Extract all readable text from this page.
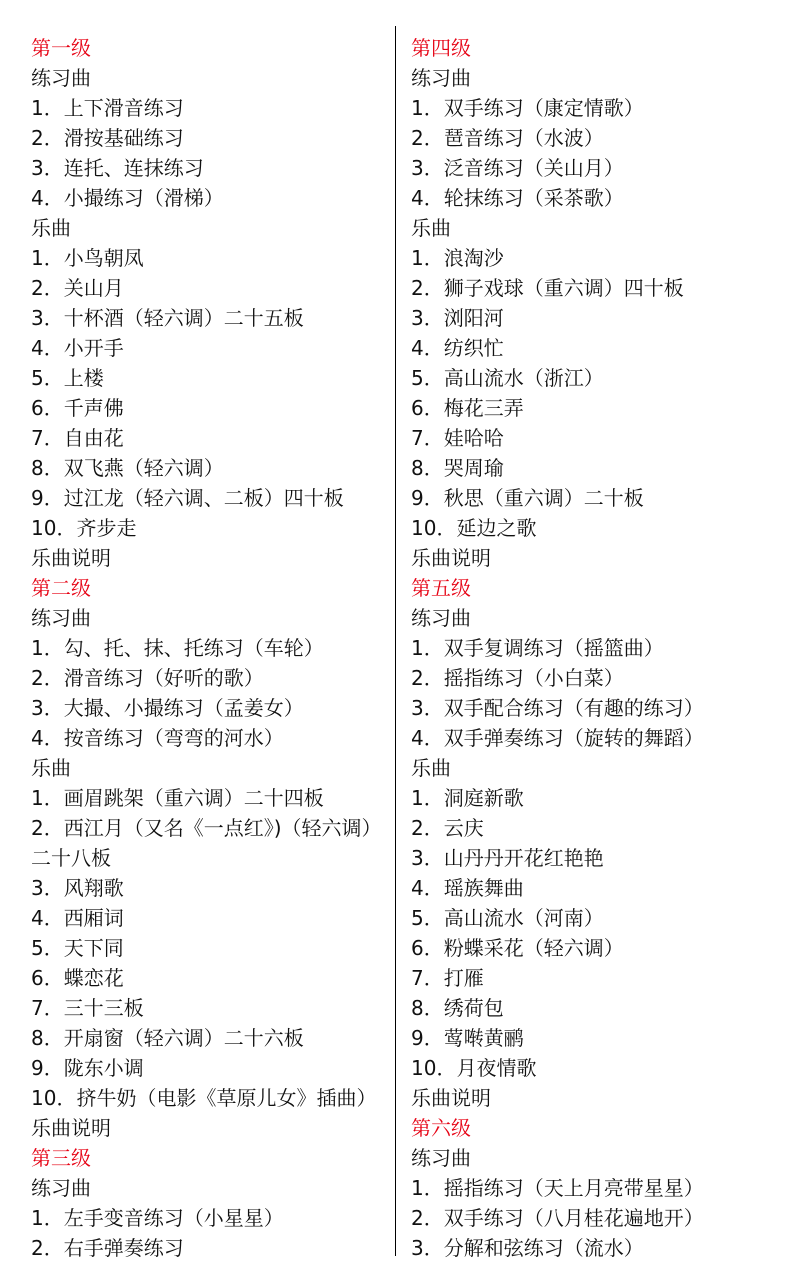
第一级
练习曲
1．上下滑音练习
2．滑按基础练习
3．连托、连抹练习
4．小撮练习（滑梯）
乐曲
1．小鸟朝凤
2．关山月
3．十杯酒（轻六调）二十五板
4．小开手
5．上楼
6．千声佛
7．自由花
8．双飞燕（轻六调）
9．过江龙（轻六调、二板）四十板
10．齐步走
乐曲说明
第二级
练习曲
1．勾、托、抹、托练习（车轮）
2．滑音练习（好听的歌）
3．大撮、小撮练习（孟姜女）
4．按音练习（弯弯的河水）
乐曲
1．画眉跳架（重六调）二十四板
2．西江月（又名《一点红》)（轻六调）
二十八板
3．风翔歌
4．西厢词
5．天下同
6．蝶恋花
7．三十三板
8．开扇窗（轻六调）二十六板
9．陇东小调
10．挤牛奶（电影《草原儿女》插曲）
乐曲说明
第三级
练习曲
1．左手变音练习（小星星）
2．右手弹奏练习
第四级
练习曲
1．双手练习（康定情歌）
2．琶音练习（水波）
3．泛音练习（关山月）
4．轮抹练习（采茶歌）
乐曲
1．浪淘沙
2．狮子戏球（重六调）四十板
3．浏阳河
4．纺织忙
5．高山流水（浙江）
6．梅花三弄
7．娃哈哈
8．哭周瑜
9．秋思（重六调）二十板
10．延边之歌
乐曲说明
第五级
练习曲
1．双手复调练习（摇篮曲）
2．摇指练习（小白菜）
3．双手配合练习（有趣的练习）
4．双手弹奏练习（旋转的舞蹈）
乐曲
1．洞庭新歌
2．云庆
3．山丹丹开花红艳艳
4．瑶族舞曲
5．高山流水（河南）
6．粉蝶采花（轻六调）
7．打雁
8．绣荷包
9．莺啭黄鹂
10．月夜情歌
乐曲说明
第六级
练习曲
1．摇指练习（天上月亮带星星）
2．双手练习（八月桂花遍地开）
3．分解和弦练习（流水）
